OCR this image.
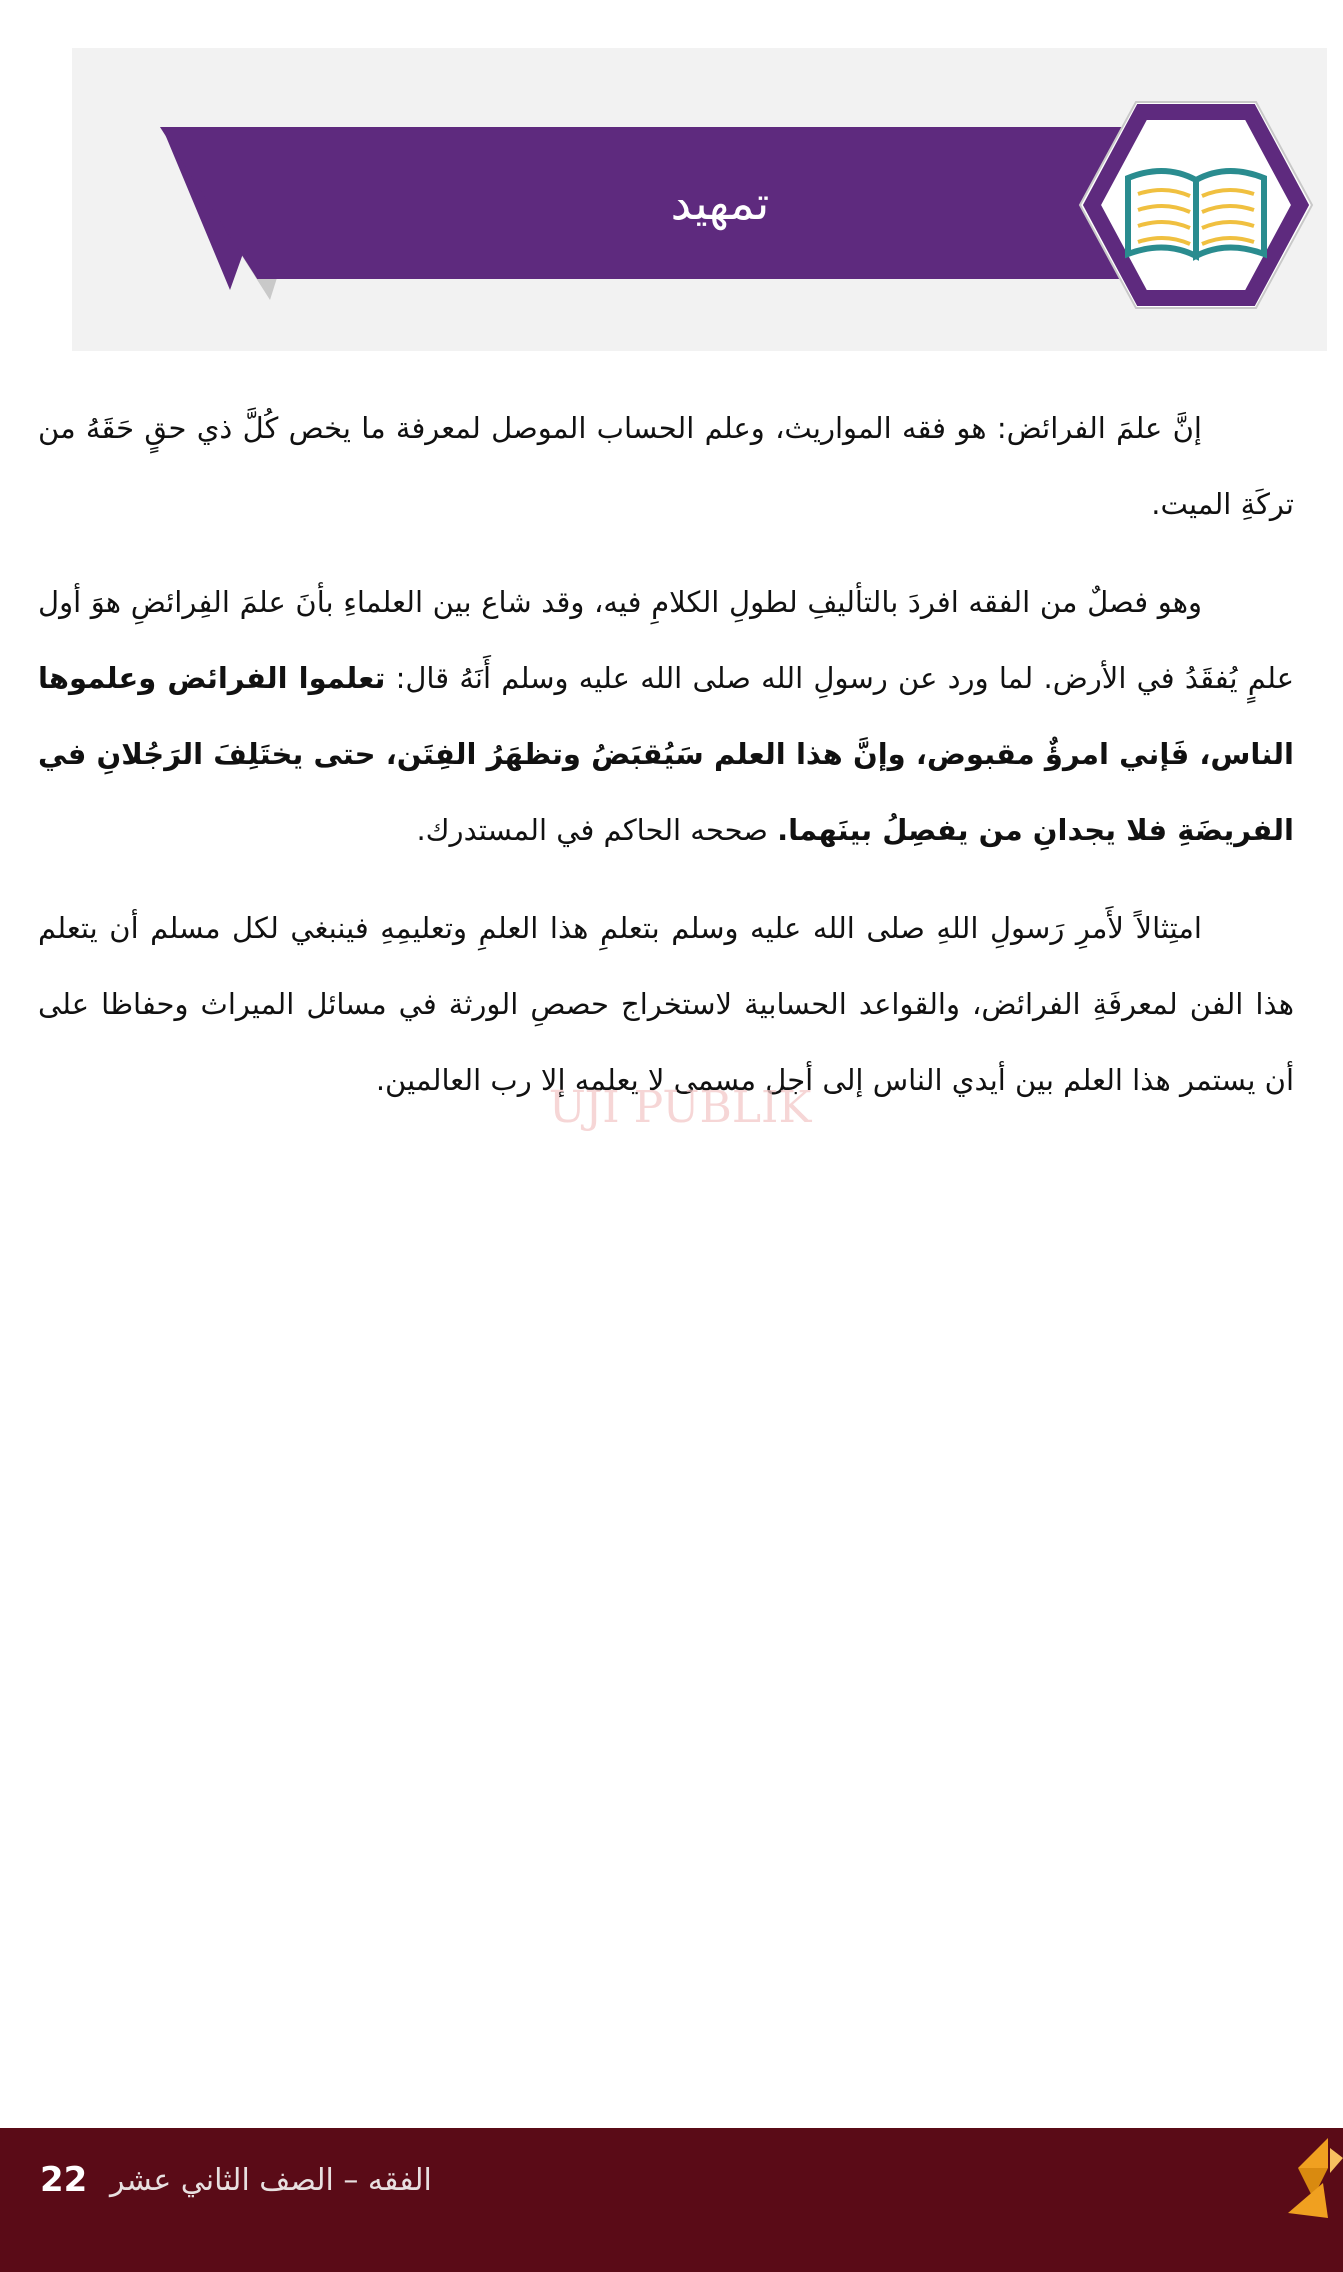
تمهيد

إنَّ علمَ الفرائض: هو فقه المواريث، وعلم الحساب الموصل لمعرفة ما يخص كُلَّ ذي حقٍ حَقَهُ من تركَةِ الميت.

وهو فصلٌ من الفقه افردَ بالتأليفِ لطولِ الكلامِ فيه، وقد شاع بين العلماءِ بأنَ علمَ الفِرائضِ هوَ أول علمٍ يُفقَدُ في الأرض. لما ورد عن رسولِ الله صلى الله عليه وسلم أَنَهُ قال: تعلموا الفرائض وعلموها الناس، فَإني امرؤٌ مقبوض، وإنَّ هذا العلم سَيُقبَضُ وتظهَرُ الفِتَن، حتى يختَلِفَ الرَجُلانِ في الفريضَةِ فلا يجدانِ من يفصِلُ بينَهما. صححه الحاكم في المستدرك.

امتِثالاً لأَمرِ رَسولِ اللهِ صلى الله عليه وسلم بتعلمِ هذا العلمِ وتعليمِهِ فينبغي لكل مسلم أن يتعلم هذا الفن لمعرفَةِ الفرائض، والقواعد الحسابية لاستخراج حصصِ الورثة في مسائل الميراث وحفاظا على أن يستمر هذا العلم بين أيدي الناس إلى أجل مسمى لا يعلمه إلا رب العالمين.

UJI PUBLIK
22 الفقه – الصف الثاني عشر
